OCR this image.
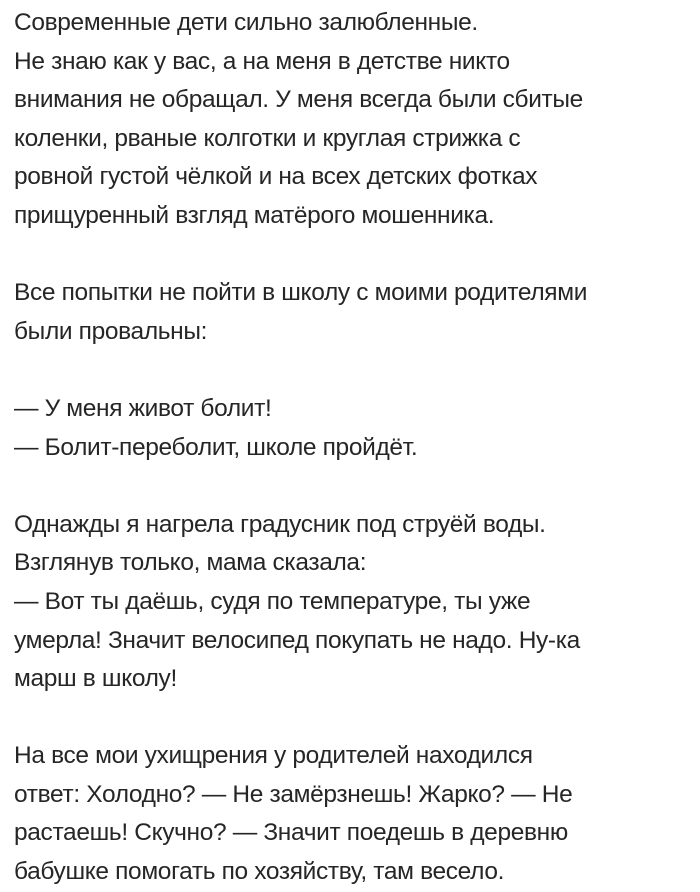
Современные дети сильно залюбленные.
Не знаю как у вас, а на меня в детстве никто
внимания не обращал. У меня всегда были сбитые
коленки, рваные колготки и круглая стрижка с
ровной густой чёлкой и на всех детских фотках
прищуренный взгляд матёрого мошенника.

Все попытки не пойти в школу с моими родителями
были провальны:

— У меня живот болит!
— Болит-переболит, школе пройдёт.

Однажды я нагрела градусник под струёй воды.
Взглянув только, мама сказала:
— Вот ты даёшь, судя по температуре, ты уже
умерла! Значит велосипед покупать не надо. Ну-ка
марш в школу!

На все мои ухищрения у родителей находился
ответ: Холодно? — Не замёрзнешь! Жарко? — Не
растаешь! Скучно? — Значит поедешь в деревню
бабушке помогать по хозяйству, там весело.
